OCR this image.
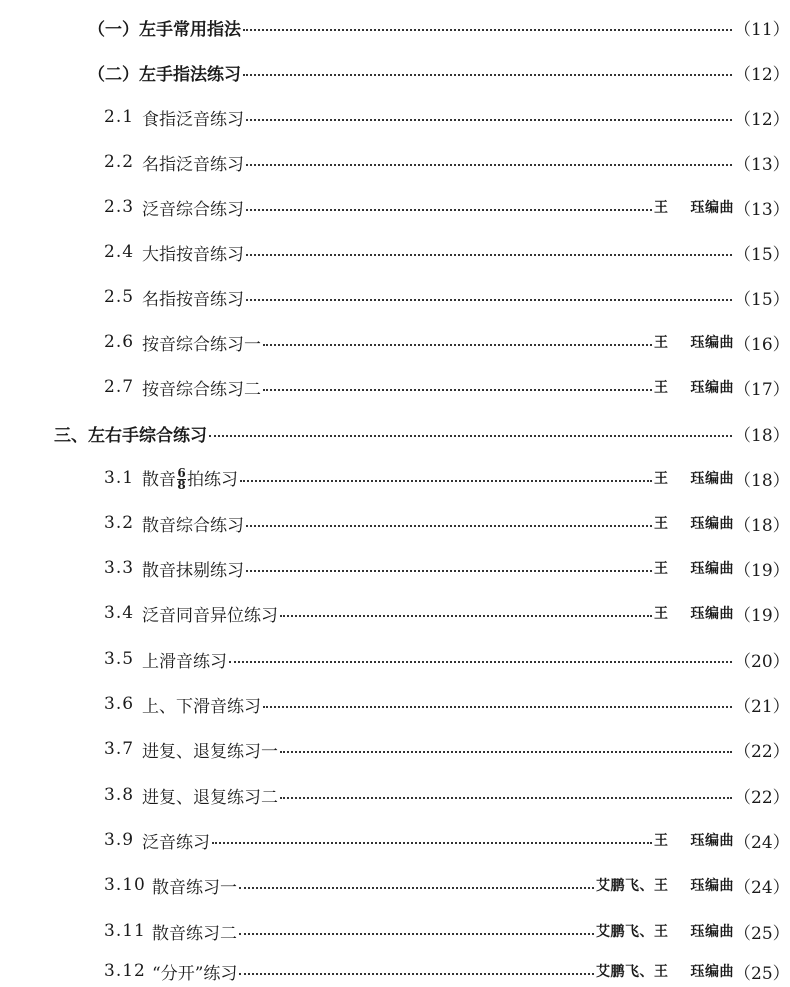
（一）左手常用指法	（11）
（二）左手指法练习	（12）
2.1 食指泛音练习	（12）
2.2 名指泛音练习	（13）
2.3 泛音综合练习	王 珏编曲 （13）
2.4 大指按音练习	（15）
2.5 名指按音练习	（15）
2.6 按音综合练习一	王 珏编曲 （16）
2.7 按音综合练习二	王 珏编曲 （17）
三、左右手综合练习	（18）
3.1 散音 $\frac{6}{8}$ 拍练习	王 珏编曲 （18）
3.2 散音综合练习	王 珏编曲 （18）
3.3 散音抹剔练习	王 珏编曲 （19）
3.4 泛音同音异位练习	王 珏编曲 （19）
3.5 上滑音练习	（20）
3.6 上、下滑音练习	（21）
3.7 进复、退复练习一	（22）
3.8 进复、退复练习二	（22）
3.9 泛音练习	王 珏编曲 （24）
3.10 散音练习一	艾鹏飞、王 珏编曲 （24）
3.11 散音练习二	艾鹏飞、王 珏编曲 （25）
3.12 “分开”练习	艾鹏飞、王 珏编曲 （25）
